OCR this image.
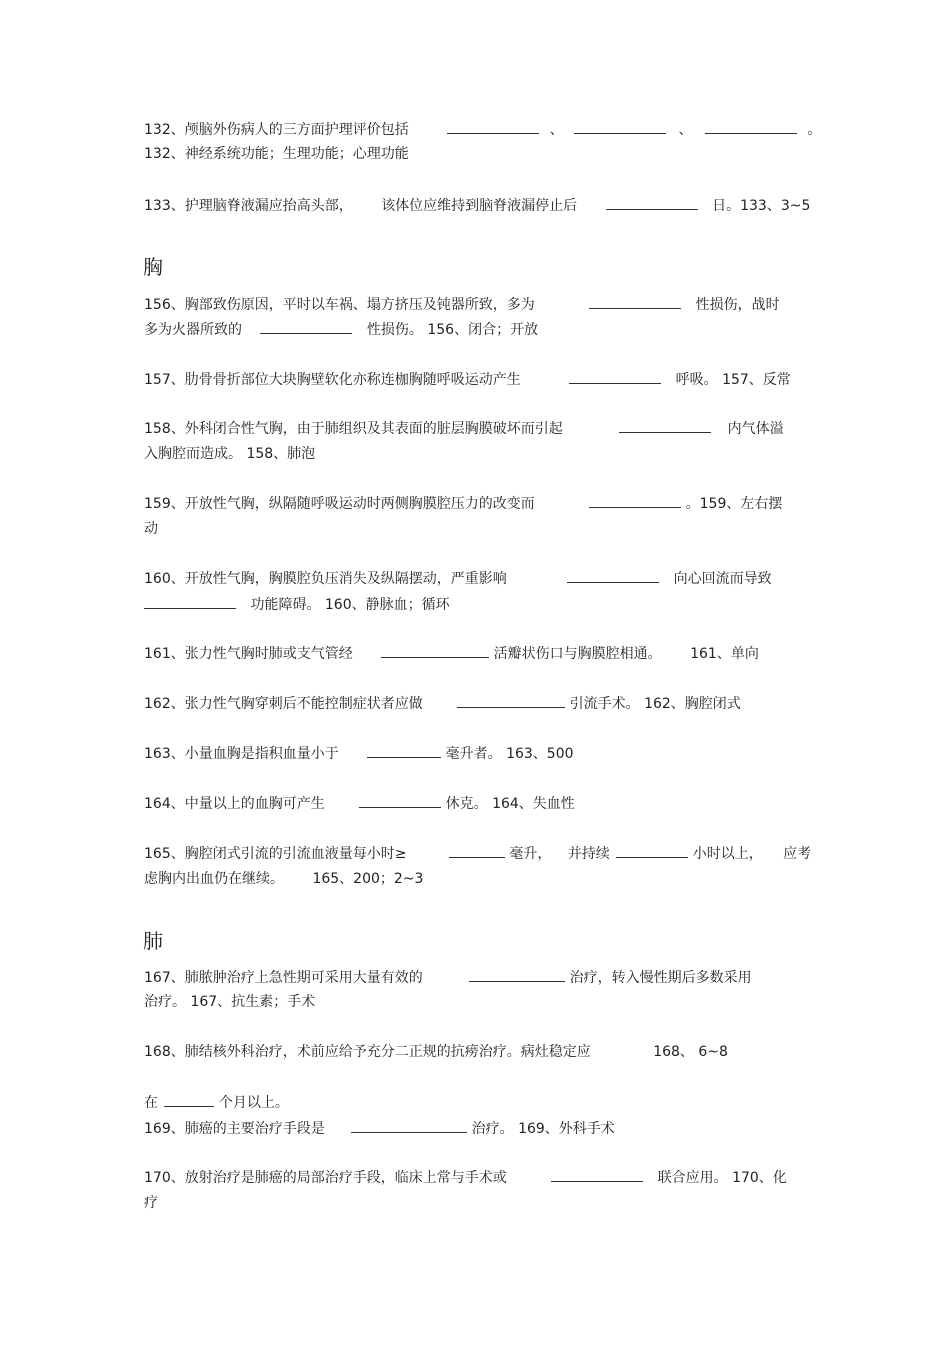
132、颅脑外伤病人的三方面护理评价包括	、	、	。
132、神经系统功能；生理功能；心理功能
133、护理脑脊液漏应抬高头部， 该体位应维持到脑脊液漏停止后	日。133、3~5
胸
156、胸部致伤原因，平时以车祸、塌方挤压及钝器所致，多为	性损伤，战时
多为火器所致的	性损伤。 156、闭合；开放
157、肋骨骨折部位大块胸壁软化亦称连枷胸随呼吸运动产生	呼吸。 157、反常
158、外科闭合性气胸，由于肺组织及其表面的脏层胸膜破坏而引起	内气体溢
入胸腔而造成。 158、肺泡
159、开放性气胸，纵隔随呼吸运动时两侧胸膜腔压力的改变而	。159、左右摆
动
160、开放性气胸，胸膜腔负压消失及纵隔摆动，严重影响	向心回流而导致
功能障碍。 160、静脉血；循环
161、张力性气胸时肺或支气管经	活瓣状伤口与胸膜腔相通。 161、单向
162、张力性气胸穿刺后不能控制症状者应做	引流手术。 162、胸腔闭式
163、小量血胸是指积血量小于	毫升者。 163、500
164、中量以上的血胸可产生	休克。 164、失血性
165、胸腔闭式引流的引流血液量每小时≥	毫升， 并持续	小时以上， 应考
虑胸内出血仍在继续。 165、200；2~3
肺
167、肺脓肿治疗上急性期可采用大量有效的	治疗，转入慢性期后多数采用
治疗。 167、抗生素；手术
168、肺结核外科治疗，术前应给予充分二正规的抗痨治疗。病灶稳定应	168、 6~8
在	个月以上。
169、肺癌的主要治疗手段是	治疗。 169、外科手术
170、放射治疗是肺癌的局部治疗手段，临床上常与手术或	联合应用。 170、化
疗
